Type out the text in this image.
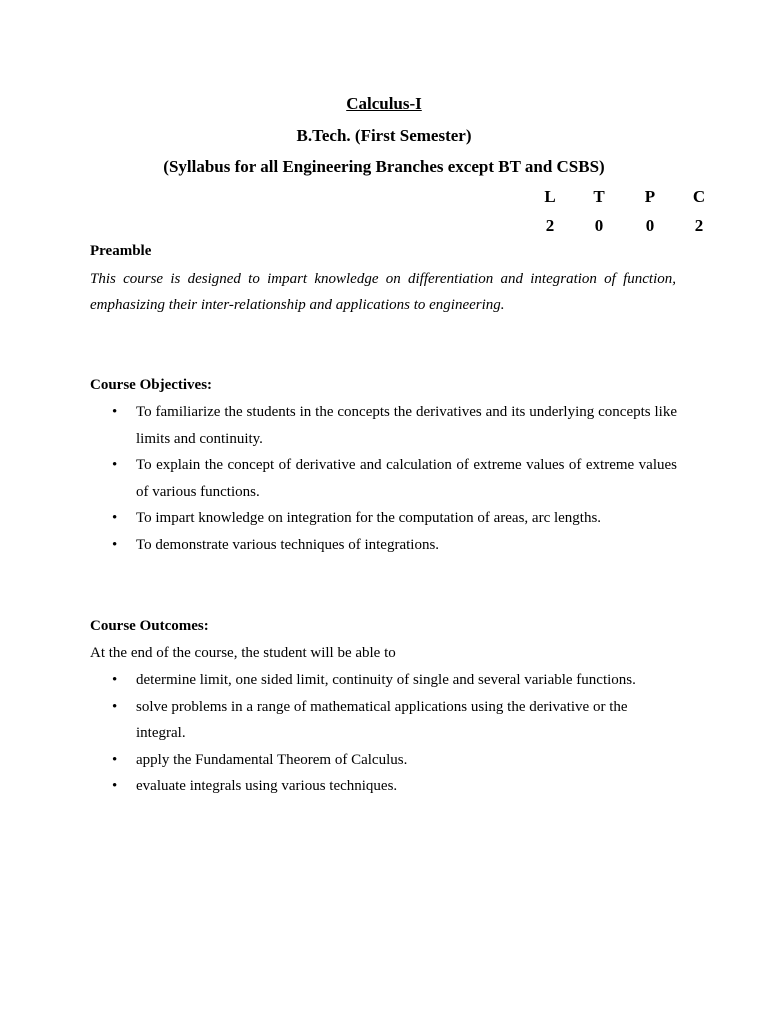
Calculus-I
B.Tech. (First Semester)
(Syllabus for all Engineering Branches except BT and CSBS)
L T P C
2	0	0	2
Preamble

This course is designed to impart knowledge on differentiation and integration of function, emphasizing their inter-relationship and applications to engineering.

Course Objectives:
• To familiarize the students in the concepts the derivatives and its underlying concepts like limits and continuity.
• To explain the concept of derivative and calculation of extreme values of extreme values of various functions.
• To impart knowledge on integration for the computation of areas, arc lengths.
• To demonstrate various techniques of integrations.
Course Outcomes:
At the end of the course, the student will be able to
• determine limit, one sided limit, continuity of single and several variable functions.
• solve problems in a range of mathematical applications using the derivative or the integral.
• apply the Fundamental Theorem of Calculus.
• evaluate integrals using various techniques.
